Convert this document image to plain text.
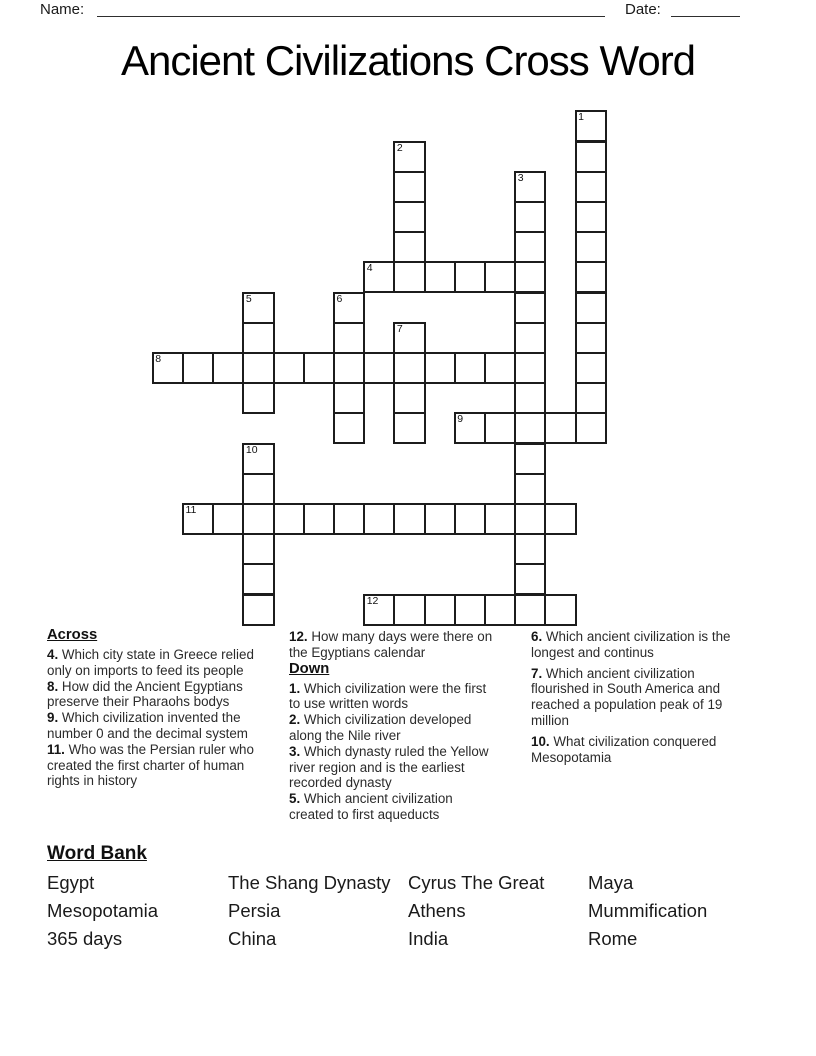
Name:	Date:
Ancient Civilizations Cross Word
1
2
3
4
5	6
7
8
9
10
11
12
Across

4. Which city state in Greece relied only on imports to feed its people

8. How did the Ancient Egyptians preserve their Pharaohs bodys

9. Which civilization invented the number 0 and the decimal system

11. Who was the Persian ruler who created the first charter of human rights in history

12. How many days were there on the Egyptians calendar

Down

1. Which civilization were the first to use written words

2. Which civilization developed along the Nile river

3. Which dynasty ruled the Yellow river region and is the earliest recorded dynasty

5. Which ancient civilization created to first aqueducts

6. Which ancient civilization is the longest and continus

7. Which ancient civilization flourished in South America and reached a population peak of 19 million

10. What civilization conquered Mesopotamia

Word Bank
Egypt
Mesopotamia
365 days
The Shang Dynasty
Persia
China
Cyrus The Great
Athens
India
Maya
Mummification
Rome
